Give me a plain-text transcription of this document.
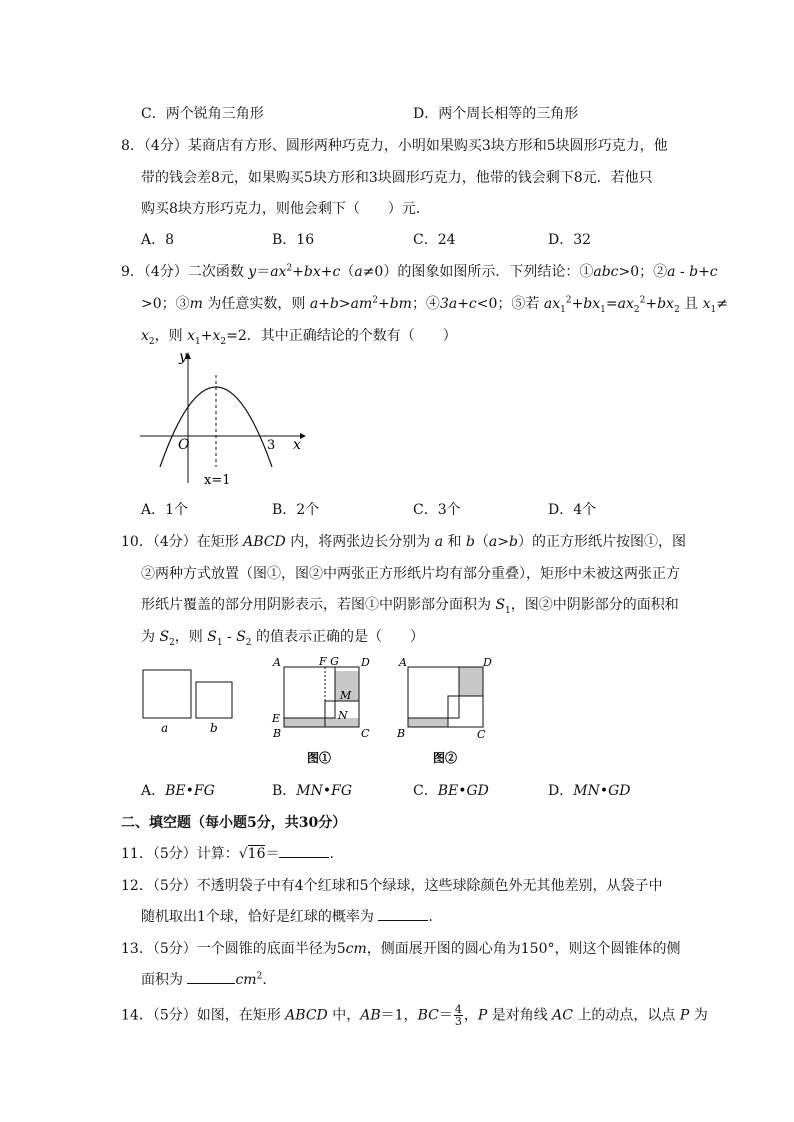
C．两个锐角三角形	D．两个周长相等的三角形
8．（4分）某商店有方形、圆形两种巧克力，小明如果购买3块方形和5块圆形巧克力，他
带的钱会差8元，如果购买5块方形和3块圆形巧克力，他带的钱会剩下8元．若他只
购买8块方形巧克力，则他会剩下（　　）元．
A．8	B．16	C．24	D．32
9．（4分）二次函数 $y=ax^2+bx+c(a\ne 0)$的图象如图所示．下列结论：①abc>0；②a - b+c
>0；③m 为任意实数，则 $a+b>am^2+bm$；④3a+c<0；⑤若 $ax_1^2+bx_1=ax_2^2+bx_2$ 且 $x_1\ne$
$x_2$，则 $x_1+x_2=2$．其中正确结论的个数有（　　）
y
x
O	3
x=1
A．1个	B．2个	C．3个	D．4个
10．（4分）在矩形 ABCD 内，将两张边长分别为 a 和 b（a>b）的正方形纸片按图①，图
②两种方式放置（图①，图②中两张正方形纸片均有部分重叠），矩形中未被这两张正方
形纸片覆盖的部分用阴影表示，若图①中阴影部分面积为 $S_1$，图②中阴影部分的面积和
为 $S_2$，则 $S_1 - S_2$ 的值表示正确的是（　　）
a	b
A	F G D
M
E	N
B	C
图①
A	D
B	C
图②
A．BE•FG	B．MN•FG	C．BE•GD	D．MN•GD
二、填空题（每小题5分，共30分）
11．（5分）计算：√16＝	.
12．（5分）不透明袋子中有4个红球和5个绿球，这些球除颜色外无其他差别，从袋子中
随机取出1个球，恰好是红球的概率为	.
13．（5分）一个圆锥的底面半径为5cm，侧面展开图的圆心角为150°，则这个圆锥体的侧
面积为	$cm^2$.
14．（5分）如图，在矩形 ABCD 中，AB＝1，$BC= \frac{4}{3}$ ，P 是对角线 AC 上的动点，以点 P 为
